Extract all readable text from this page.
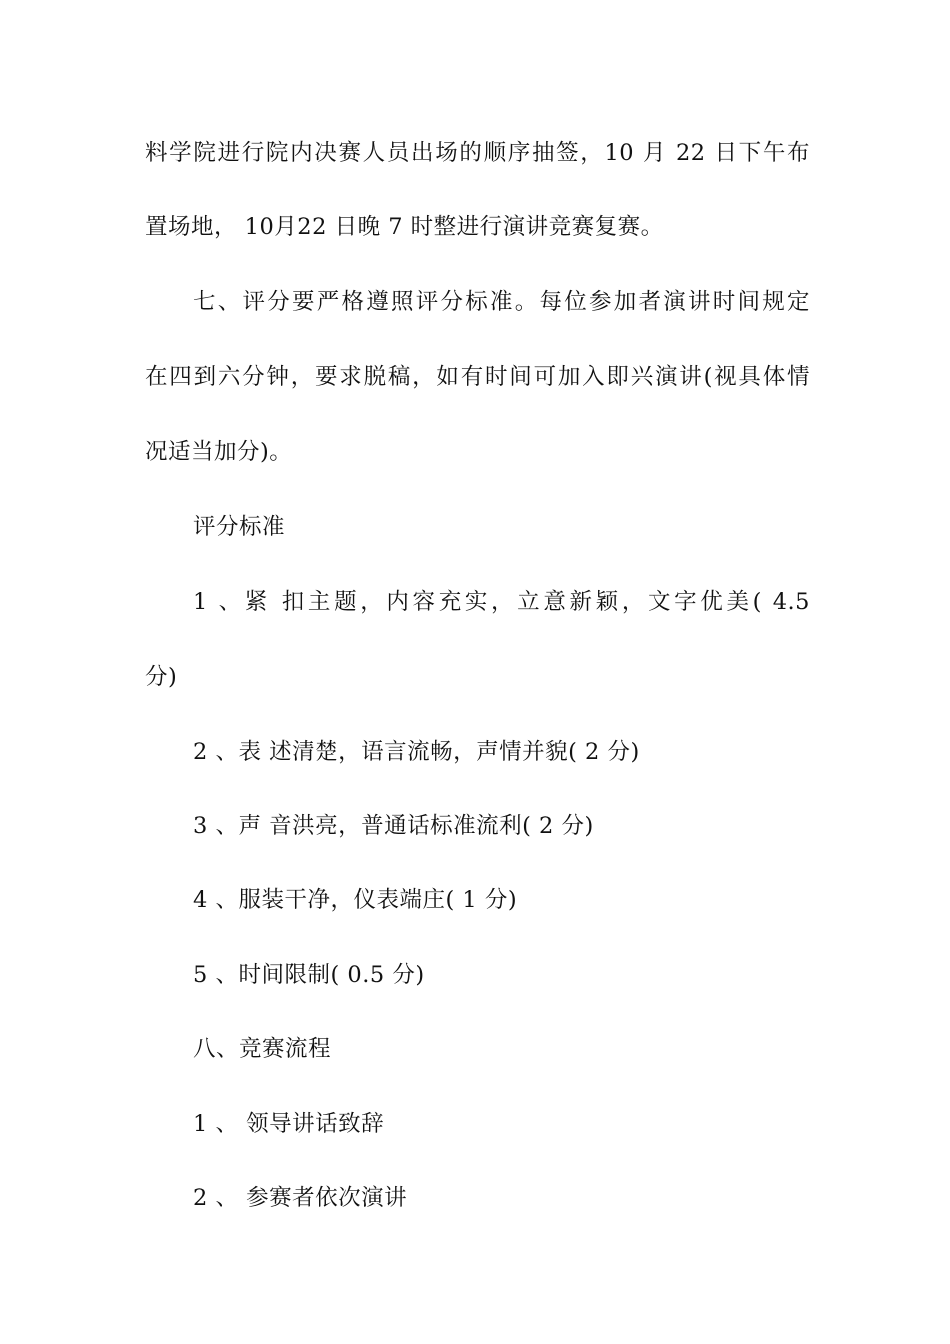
料学院进行院内决赛人员出场的顺序抽签，10 月 22 日下午布
置场地， 10月22 日晚 7 时整进行演讲竞赛复赛。
七、评分要严格遵照评分标准。每位参加者演讲时间规定
在四到六分钟，要求脱稿，如有时间可加入即兴演讲(视具体情
况适当加分)。
评分标准
1 、紧 扣主题，内容充实，立意新颖，文字优美( 4.5
分)
2 、表 述清楚，语言流畅，声情并貌( 2 分)
3 、声 音洪亮，普通话标准流利( 2 分)
4 、服装干净，仪表端庄( 1 分)
5 、时间限制( 0.5 分)
八、竞赛流程
1 、 领导讲话致辞
2 、 参赛者依次演讲
